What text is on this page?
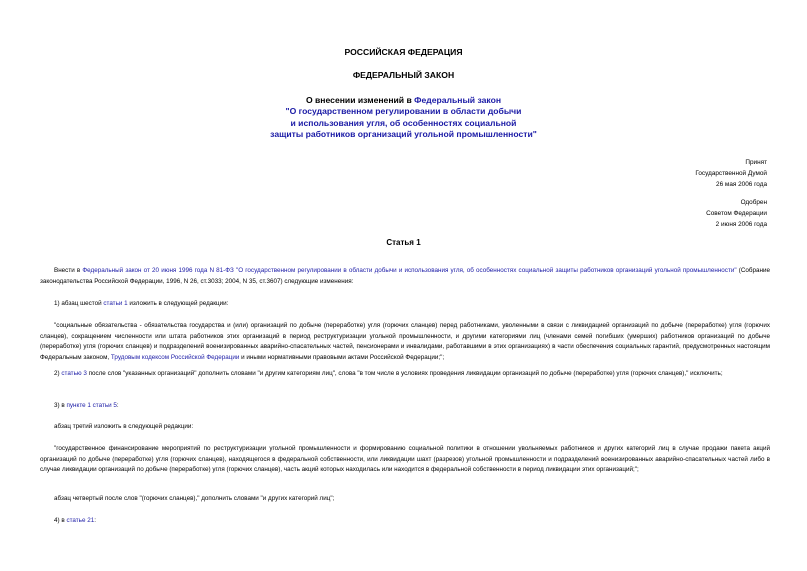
РОССИЙСКАЯ ФЕДЕРАЦИЯ
ФЕДЕРАЛЬНЫЙ ЗАКОН
О внесении изменений в Федеральный закон
"О государственном регулировании в области добычи
и использования угля, об особенностях социальной
защиты работников организаций угольной промышленности"
Принят
Государственной Думой
26 мая 2006 года
Одобрен
Советом Федерации
2 июня 2006 года
Статья 1
Внести в Федеральный закон от 20 июня 1996 года N 81-ФЗ "О государственном регулировании в области добычи и использования угля, об особенностях социальной защиты работников организаций угольной промышленности" (Собрание законодательства Российской Федерации, 1996, N 26, ст.3033; 2004, N 35, ст.3607) следующие изменения:
1) абзац шестой статьи 1 изложить в следующей редакции:
"социальные обязательства - обязательства государства и (или) организаций по добыче (переработке) угля (горючих сланцев) перед работниками, уволенными в связи с ликвидацией организаций по добыче (переработке) угля (горючих сланцев), сокращением численности или штата работников этих организаций в период реструктуризации угольной промышленности, и другими категориями лиц (членами семей погибших (умерших) работников организаций по добыче (переработке) угля (горючих сланцев) и подразделений военизированных аварийно-спасательных частей, пенсионерами и инвалидами, работавшими в этих организациях) в части обеспечения социальных гарантий, предусмотренных настоящим Федеральным законом, Трудовым кодексом Российской Федерации и иными нормативными правовыми актами Российской Федерации;";
2) статью 3 после слов "указанных организаций" дополнить словами "и другим категориям лиц", слова "в том числе в условиях проведения ликвидации организаций по добыче (переработке) угля (горючих сланцев)," исключить;
3) в пункте 1 статьи 5:
абзац третий изложить в следующей редакции:
"государственное финансирование мероприятий по реструктуризации угольной промышленности и формированию социальной политики в отношении увольняемых работников и других категорий лиц в случае продажи пакета акций организаций по добыче (переработке) угля (горючих сланцев), находящегося в федеральной собственности, или ликвидации шахт (разрезов) угольной промышленности и подразделений военизированных аварийно-спасательных частей либо в случае ликвидации организаций по добыче (переработке) угля (горючих сланцев), часть акций которых находилась или находится в федеральной собственности в период ликвидации этих организаций;";
абзац четвертый после слов "(горючих сланцев)," дополнить словами "и других категорий лиц";
4) в статье 21:
